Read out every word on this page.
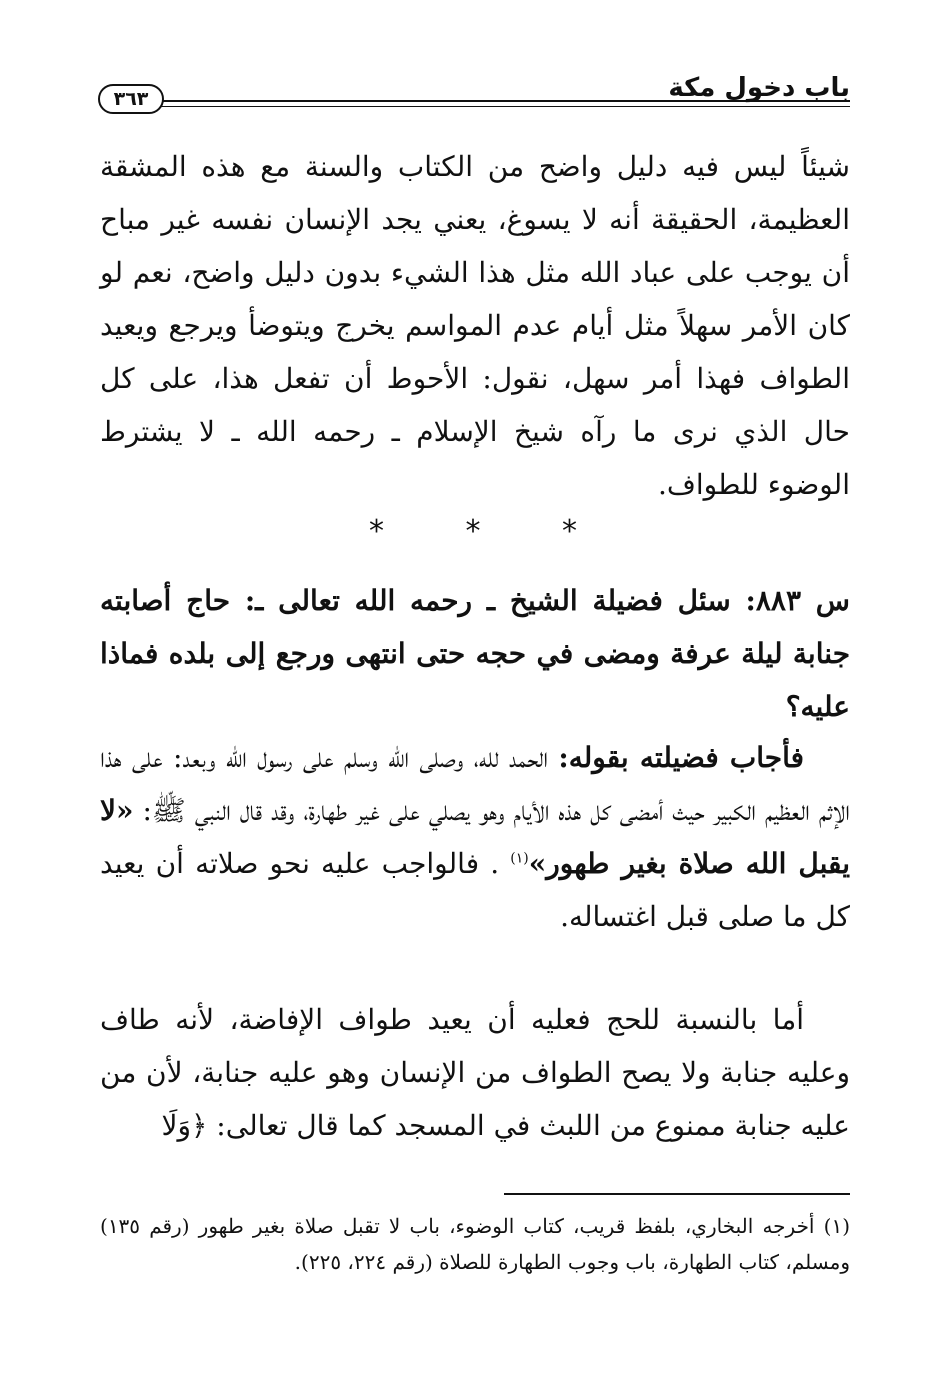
باب دخول مكة
٣٦٣
شيئاً ليس فيه دليل واضح من الكتاب والسنة مع هذه المشقة العظيمة، الحقيقة أنه لا يسوغ، يعني يجد الإنسان نفسه غير مباح أن يوجب على عباد الله مثل هذا الشيء بدون دليل واضح، نعم لو كان الأمر سهلاً مثل أيام عدم المواسم يخرج ويتوضأ ويرجع ويعيد الطواف فهذا أمر سهل، نقول: الأحوط أن تفعل هذا، على كل حال الذي نرى ما رآه شيخ الإسلام ـ رحمه الله ـ لا يشترط الوضوء للطواف.
* * *
س ٨٨٣: سئل فضيلة الشيخ ـ رحمه الله تعالى ـ: حاج أصابته جنابة ليلة عرفة ومضى في حجه حتى انتهى ورجع إلى بلده فماذا عليه؟
فأجاب فضيلته بقوله: الحمد لله، وصلى الله وسلم على رسول الله وبعد: على هذا الإثم العظيم الكبير حيث أمضى كل هذه الأيام وهو يصلي على غير طهارة، وقد قال النبي ﷺ: «لا يقبل الله صلاة بغير طهور»$^{(١)}$ . فالواجب عليه نحو صلاته أن يعيد كل ما صلى قبل اغتساله.
أما بالنسبة للحج فعليه أن يعيد طواف الإفاضة، لأنه طاف وعليه جنابة ولا يصح الطواف من الإنسان وهو عليه جنابة، لأن من عليه جنابة ممنوع من اللبث في المسجد كما قال تعالى: ﴿وَلَا
(١) أخرجه البخاري، بلفظ قريب، كتاب الوضوء، باب لا تقبل صلاة بغير طهور (رقم ١٣٥) ومسلم، كتاب الطهارة، باب وجوب الطهارة للصلاة (رقم ٢٢٤، ٢٢٥).
